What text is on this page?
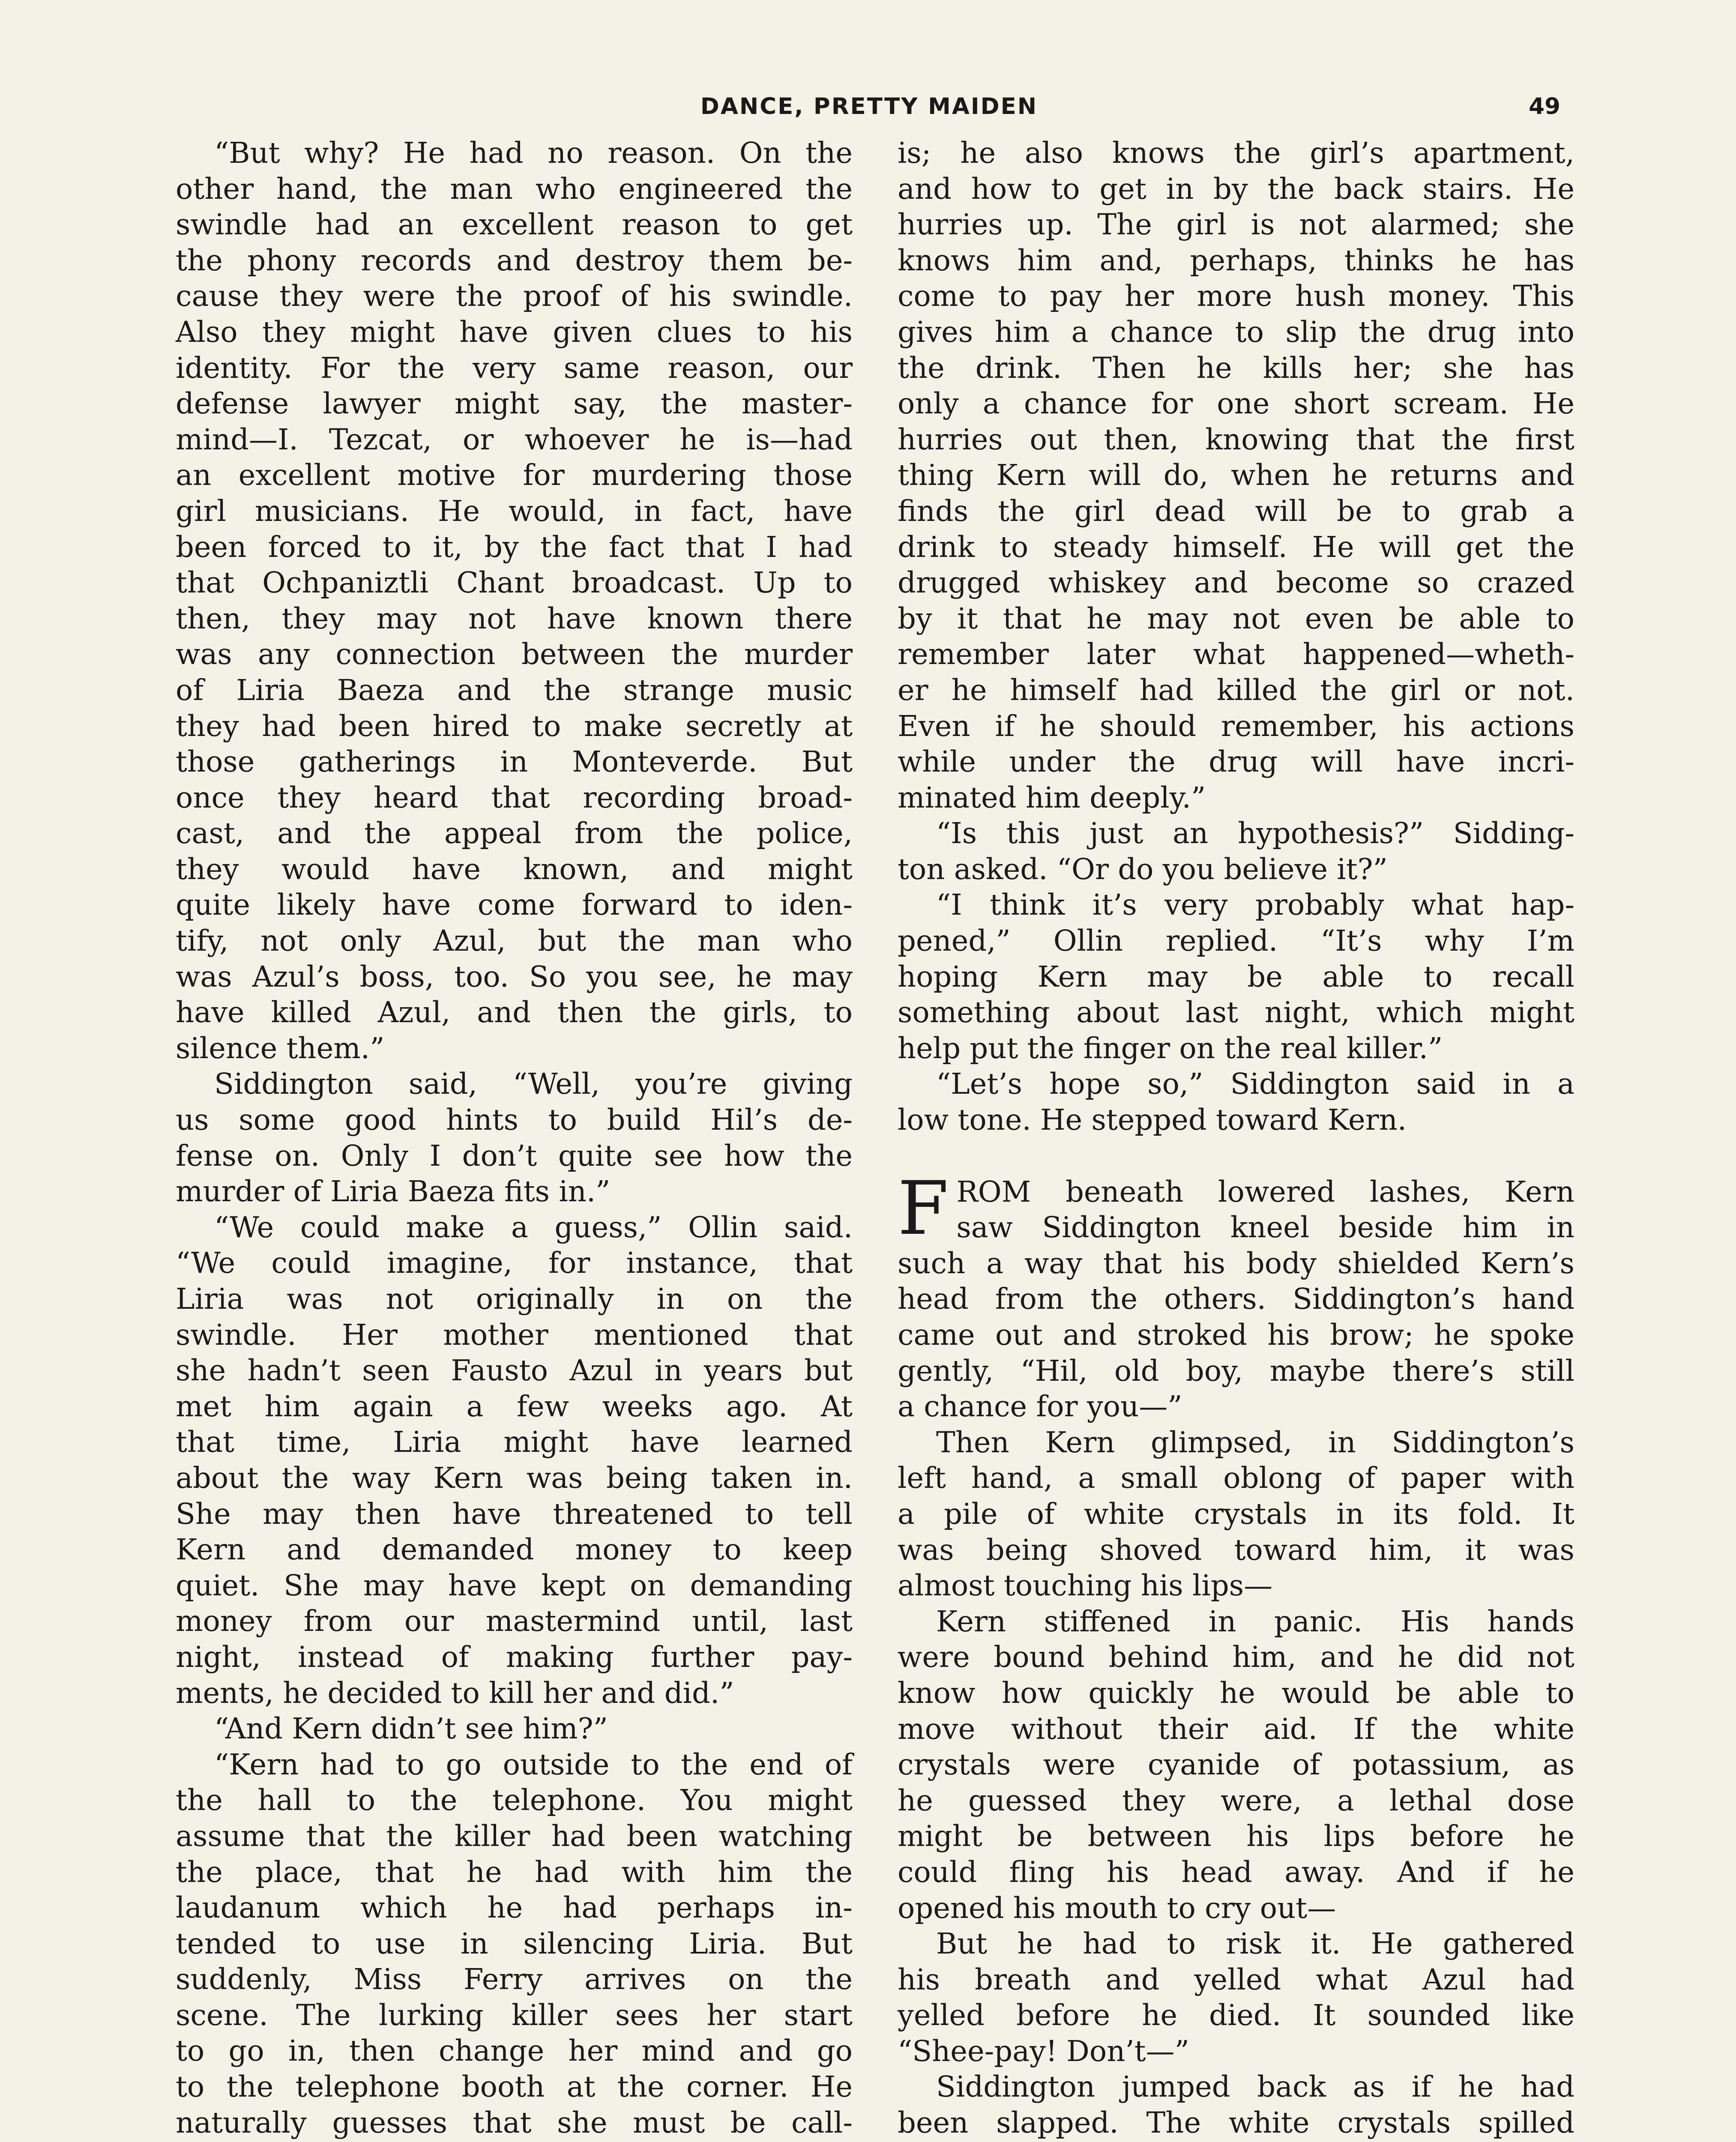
DANCE, PRETTY MAIDEN	49
“But why? He had no reason. On the
other hand, the man who engineered the
swindle had an excellent reason to get
the phony records and destroy them be-
cause they were the proof of his swindle.
Also they might have given clues to his
identity. For the very same reason, our
defense lawyer might say, the master-
mind—I. Tezcat, or whoever he is—had
an excellent motive for murdering those
girl musicians. He would, in fact, have
been forced to it, by the fact that I had
that Ochpaniztli Chant broadcast. Up to
then, they may not have known there
was any connection between the murder
of Liria Baeza and the strange music
they had been hired to make secretly at
those gatherings in Monteverde. But
once they heard that recording broad-
cast, and the appeal from the police,
they would have known, and might
quite likely have come forward to iden-
tify, not only Azul, but the man who
was Azul’s boss, too. So you see, he may
have killed Azul, and then the girls, to
silence them.”
Siddington said, “Well, you’re giving
us some good hints to build Hil’s de-
fense on. Only I don’t quite see how the
murder of Liria Baeza fits in.”
“We could make a guess,” Ollin said.
“We could imagine, for instance, that
Liria was not originally in on the
swindle. Her mother mentioned that
she hadn’t seen Fausto Azul in years but
met him again a few weeks ago. At
that time, Liria might have learned
about the way Kern was being taken in.
She may then have threatened to tell
Kern and demanded money to keep
quiet. She may have kept on demanding
money from our mastermind until, last
night, instead of making further pay-
ments, he decided to kill her and did.”
“And Kern didn’t see him?”
“Kern had to go outside to the end of
the hall to the telephone. You might
assume that the killer had been watching
the place, that he had with him the
laudanum which he had perhaps in-
tended to use in silencing Liria. But
suddenly, Miss Ferry arrives on the
scene. The lurking killer sees her start
to go in, then change her mind and go
to the telephone booth at the corner. He
naturally guesses that she must be call-
is; he also knows the girl’s apartment,
and how to get in by the back stairs. He
hurries up. The girl is not alarmed; she
knows him and, perhaps, thinks he has
come to pay her more hush money. This
gives him a chance to slip the drug into
the drink. Then he kills her; she has
only a chance for one short scream. He
hurries out then, knowing that the first
thing Kern will do, when he returns and
finds the girl dead will be to grab a
drink to steady himself. He will get the
drugged whiskey and become so crazed
by it that he may not even be able to
remember later what happened—wheth-
er he himself had killed the girl or not.
Even if he should remember, his actions
while under the drug will have incri-
minated him deeply.”
“Is this just an hypothesis?” Sidding-
ton asked. “Or do you believe it?”
“I think it’s very probably what hap-
pened,” Ollin replied. “It’s why I’m
hoping Kern may be able to recall
something about last night, which might
help put the finger on the real killer.”
“Let’s hope so,” Siddington said in a
low tone. He stepped toward Kern.
F ROM beneath lowered lashes, Kern
saw Siddington kneel beside him in
such a way that his body shielded Kern’s
head from the others. Siddington’s hand
came out and stroked his brow; he spoke
gently, “Hil, old boy, maybe there’s still
a chance for you—”
Then Kern glimpsed, in Siddington’s
left hand, a small oblong of paper with
a pile of white crystals in its fold. It
was being shoved toward him, it was
almost touching his lips—
Kern stiffened in panic. His hands
were bound behind him, and he did not
know how quickly he would be able to
move without their aid. If the white
crystals were cyanide of potassium, as
he guessed they were, a lethal dose
might be between his lips before he
could fling his head away. And if he
opened his mouth to cry out—
But he had to risk it. He gathered
his breath and yelled what Azul had
yelled before he died. It sounded like
“Shee-pay! Don’t—”
Siddington jumped back as if he had
been slapped. The white crystals spilled
